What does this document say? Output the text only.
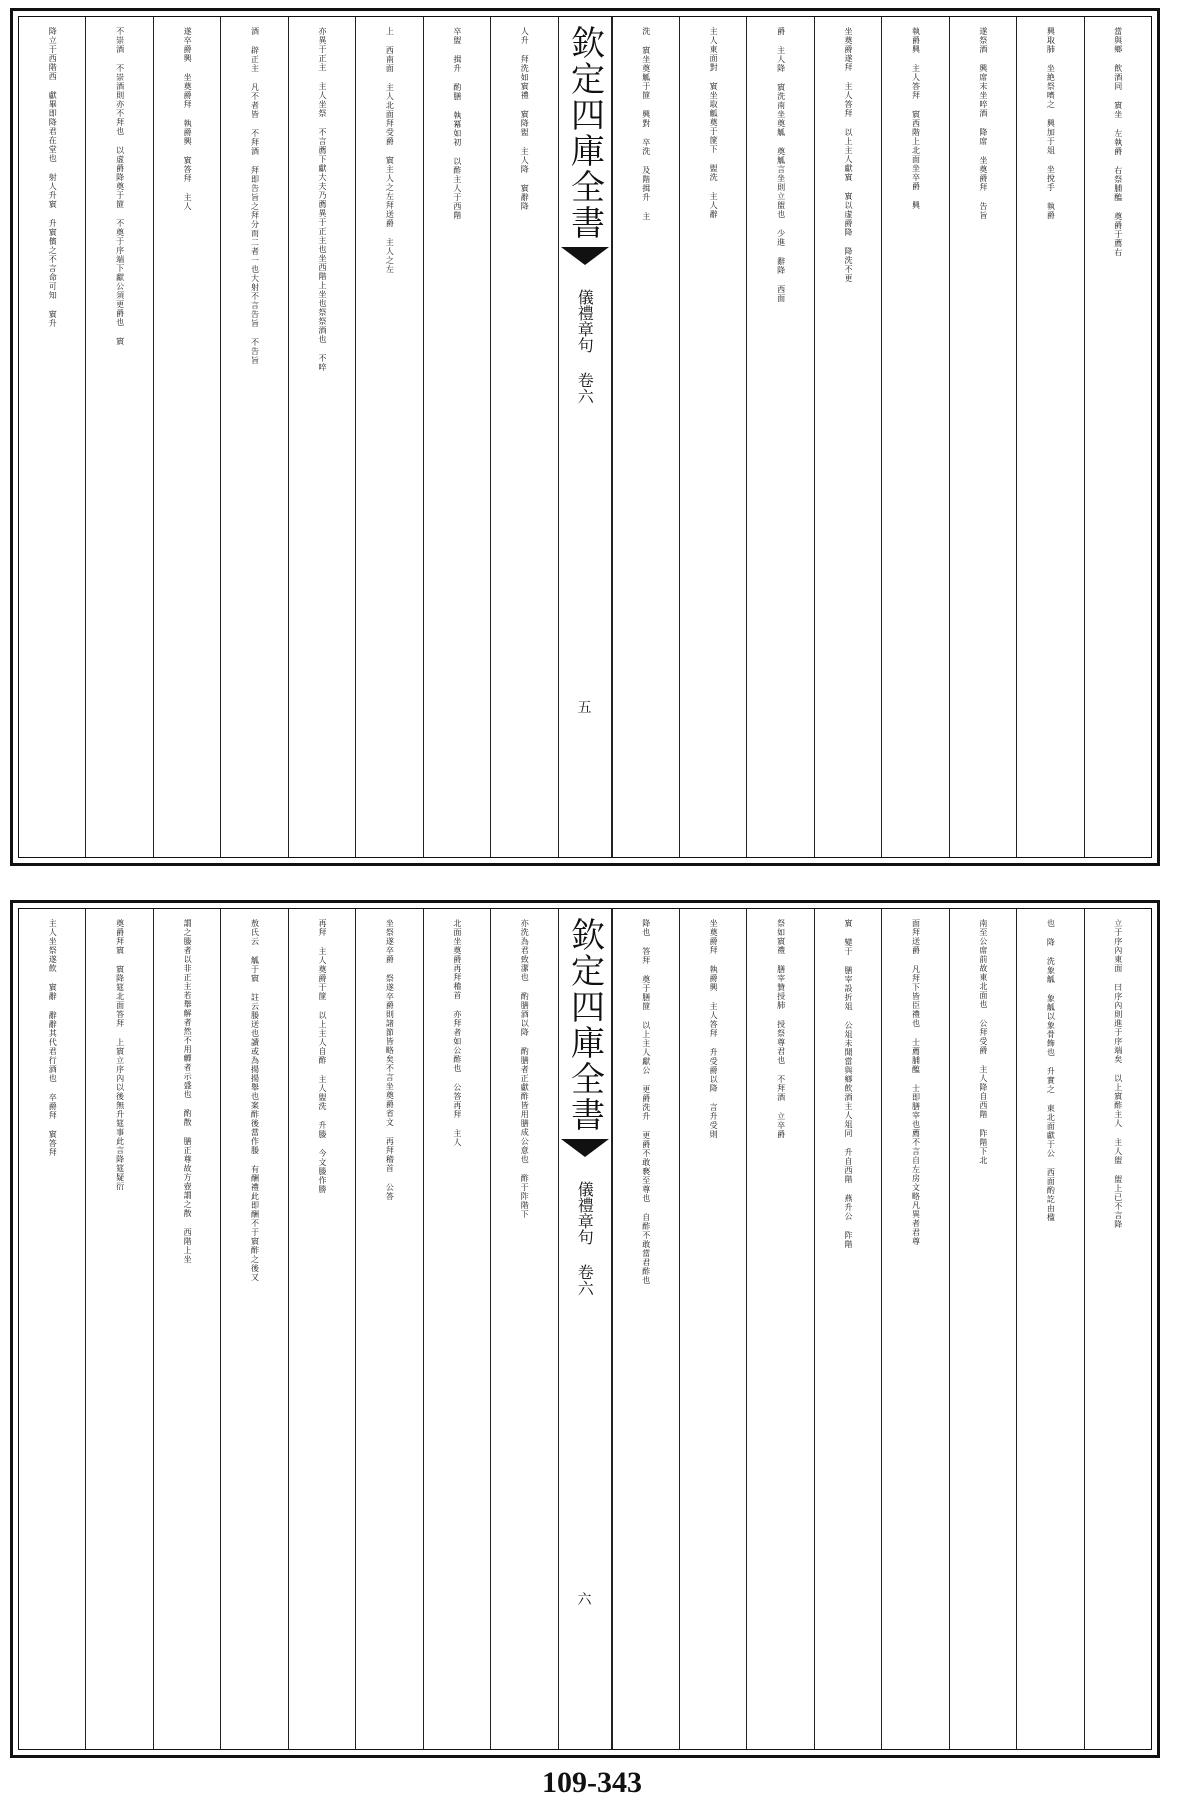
當與鄉 飲酒同 賔坐 左執爵 右祭脯醢 奠爵于薦右
興取肺 坐絶祭嚌之 興加于俎 坐挩手 執爵
遂祭酒 興席末坐啐酒 降席 坐奠爵拜 告旨
執爵興 主人答拜 賔西階上北面坐卒爵 興
坐奠爵遂拜 主人答拜 以上主人獻賔 賔以虚爵降 降洗不更
爵 主人降 賔洗南坐奠觚 奠觚言坐則立盥也 少進 辭降 西面
主人東面對 賔坐取觚奠于篚下 盥洗 主人辭
洗 賔坐奠觚于篚 興對 卒洗 及階揖升 主
欽定四庫全書
儀禮章句 卷六
五
人升 拜洗如賔禮 賔降盥 主人降 賔辭降
卒盥 揖升 酌膳 執冪如初 以酢主人于西階
上 西南面 主人北面拜受爵 賔主人之左拜送爵 主人之左
亦異于正主 主人坐祭 不言薦下獻大夫乃薦異于正主也坐西階上坐也祭祭酒也 不啐
酒 辟正主 凡不者皆 不拜酒 拜即告旨之拜分而二者一也大射不言告旨 不告旨
遂卒爵興 坐奠爵拜 執爵興 賔答拜 主人
不崇酒 不崇酒則亦不拜也 以虚爵降奠于篚 不奠于序端下獻公須更爵也 賔
降立于西階西 獻畢即降君在堂也 射人升賔 升賔儐之不言命可知 賔升
立于序內東面 曰序內則進于序端矣 以上賔酢主人 主人盥 盥上已不言降
也 降 洗象觚 象觚以象骨飾也 升實之 東北面獻于公 西面酌訖由楹
南至公席前故東北面也 公拜受爵 主人降自西階 阼階下北
面拜送爵 凡拜下皆臣禮也 士薦脯醢 士即膳宰也薦不言自左房文略凡異者君尊
賔 變于 膳宰設折俎 公俎未聞當與鄉飲酒主人俎同 升自西階 燕升公 阼階
祭如賔禮 膳宰贊授肺 授祭尊君也 不拜酒 立卒爵
坐奠爵拜 執爵興 主人答拜 升受爵以降 言升受則
降也 答拜 奠于膳篚 以上主人獻公 更爵洗升 更爵不敢褻至尊也 自酢不敢當君酢也
欽定四庫全書
儀禮章句 卷六
六
亦洗為君致潔也 酌膳酒以降 酌膳者正獻酢皆用膳成公意也 酢于阼階下
北面坐奠爵再拜稽首 亦拜者如公酢也 公答再拜 主人
坐祭遂卒爵 祭遂卒爵則諸節皆略矣不言坐奠爵省文 再拜稽首 公答
再拜 主人奠爵于篚 以上主人自酢 主人盥洗 升媵 今文媵作勝
敖氏云 觚于賔 註云媵送也讀或為揚揚舉也案酢後當作媵 有酬禮此即酬不于賔酢之後又
謂之媵者以非正主若舉解者然不用觶者示盛也 酌散 膳正尊故方壺謂之散 西階上坐
奠爵拜賔 賔降筵北面答拜 上賔立序內以後無升筵事此言降筵疑衍
主人坐祭遂飲 賔辭 辭辭其代君行酒也 卒爵拜 賔答拜
109-343
